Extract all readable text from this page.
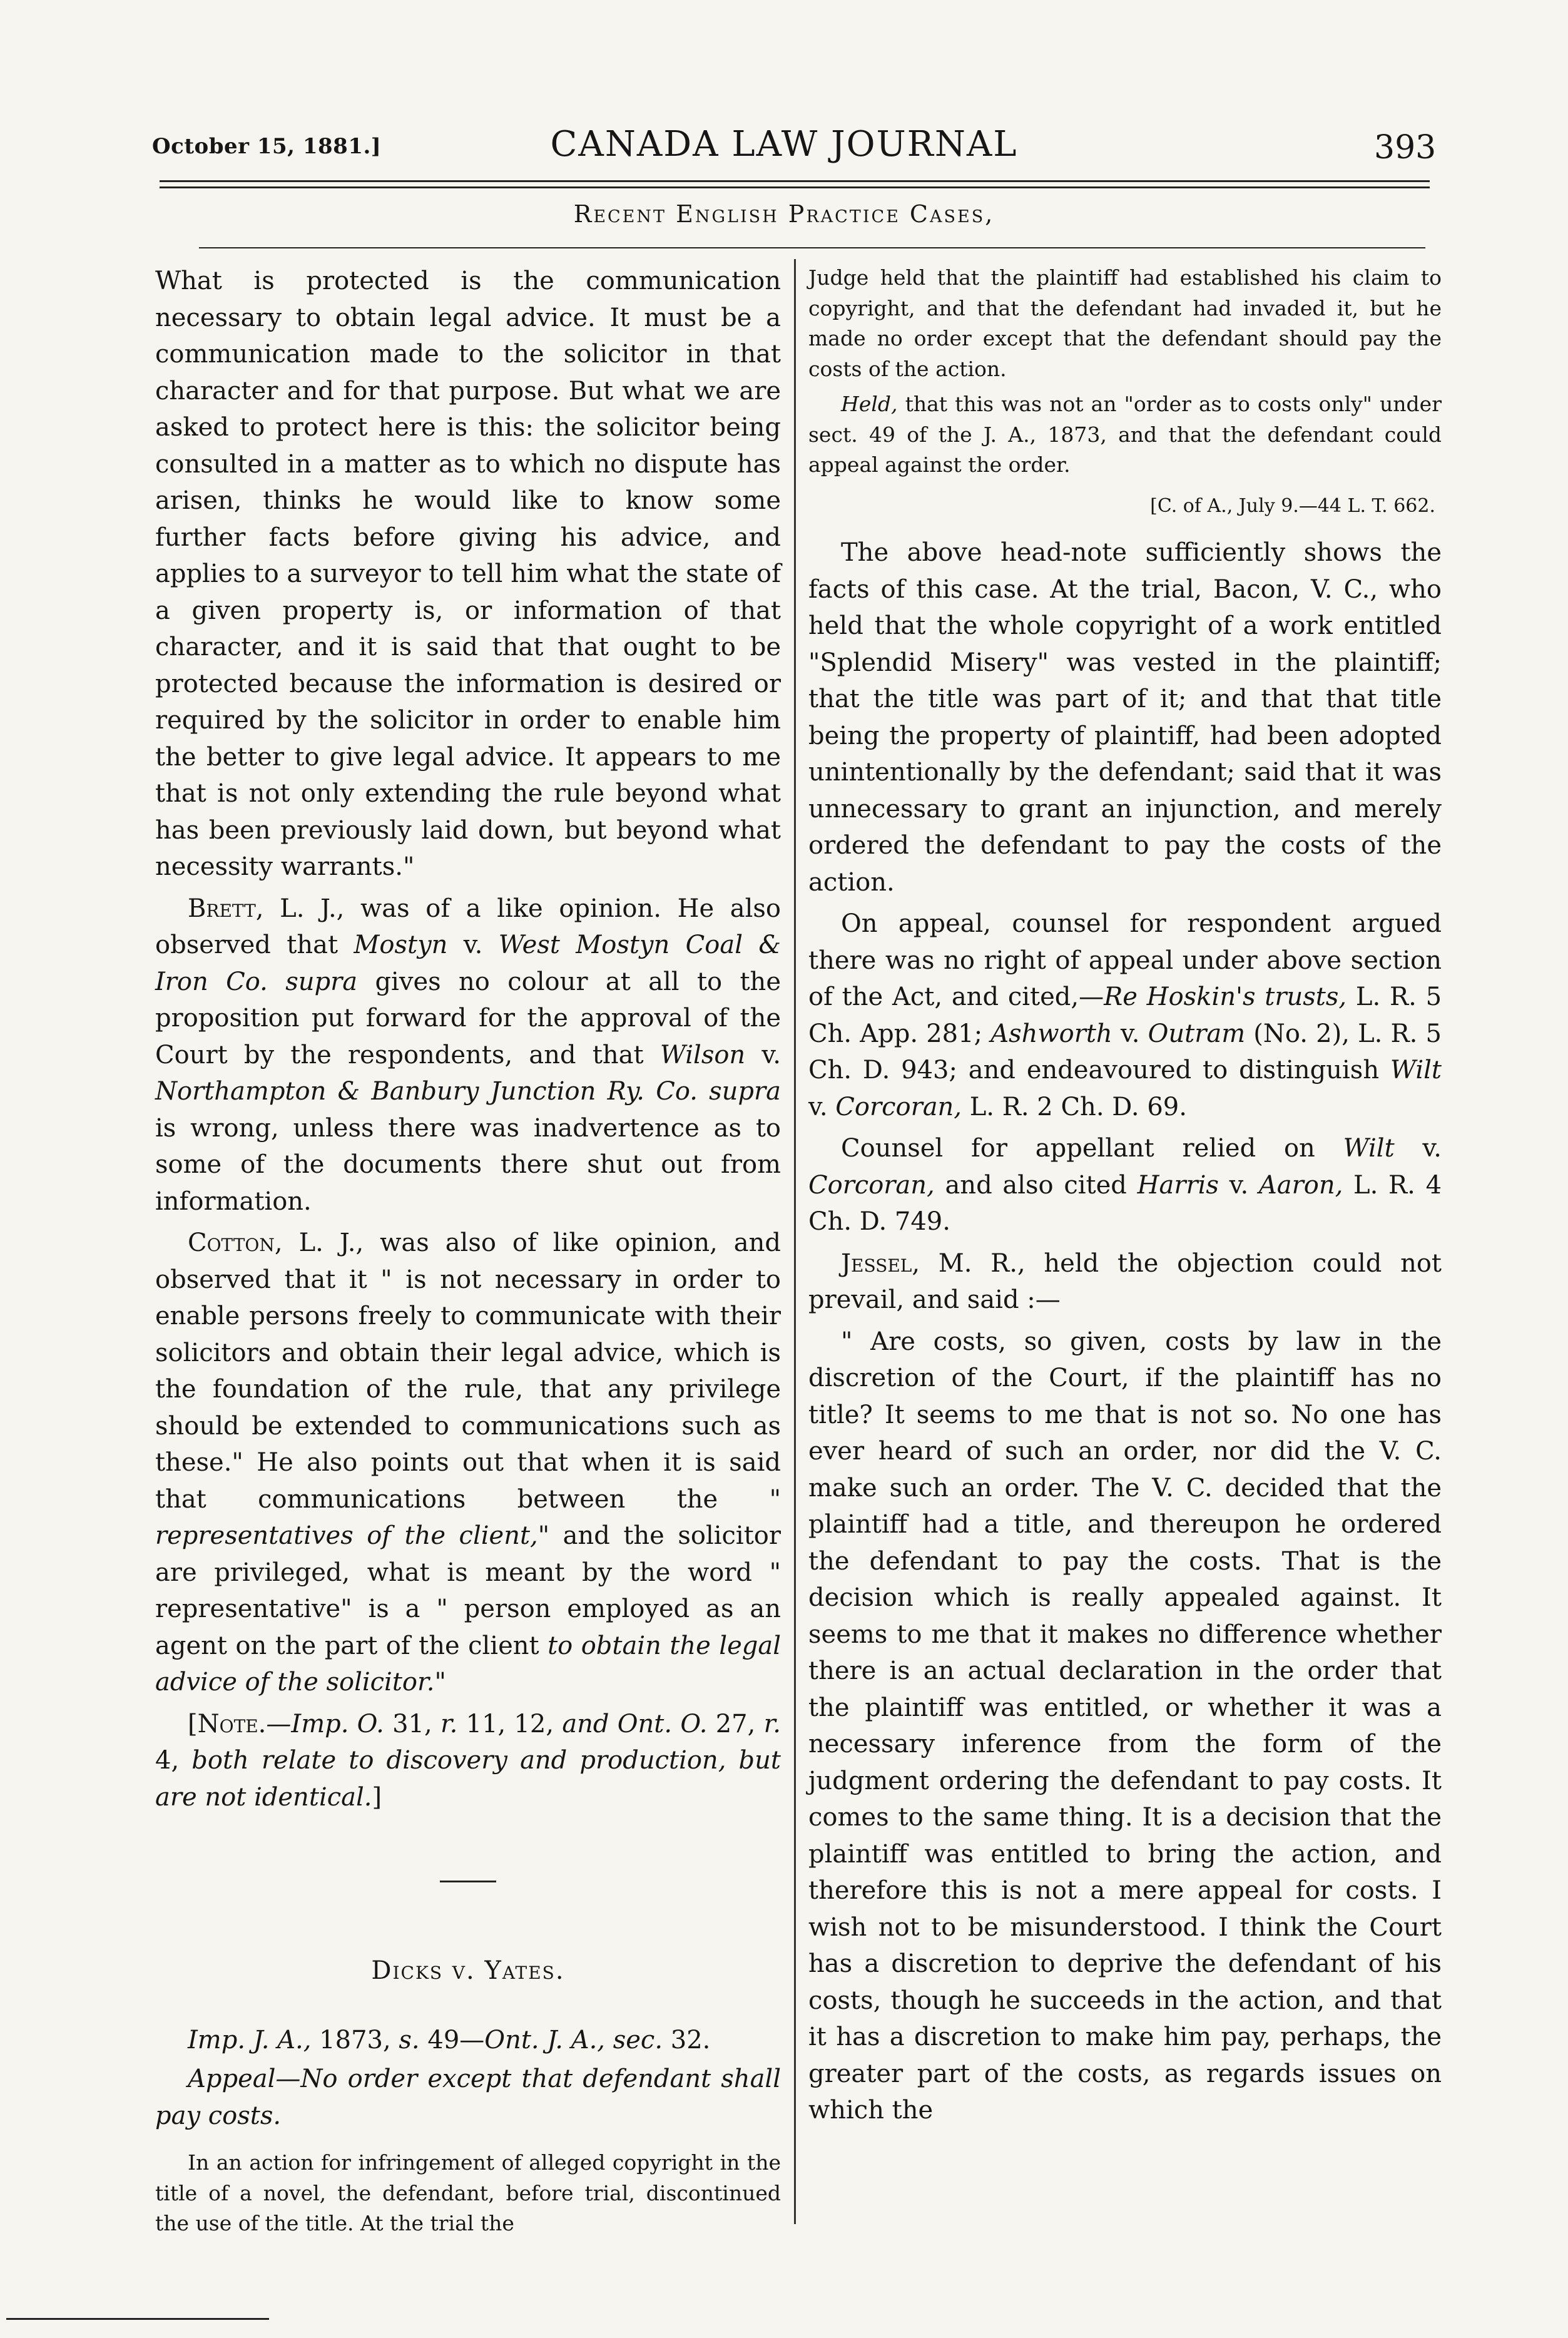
October 15, 1881.]	CANADA LAW JOURNAL	393
Recent English Practice Cases,

What is protected is the communication necessary to obtain legal advice. It must be a communication made to the solicitor in that character and for that purpose. But what we are asked to protect here is this: the solicitor being consulted in a matter as to which no dispute has arisen, thinks he would like to know some further facts before giving his advice, and applies to a surveyor to tell him what the state of a given property is, or information of that character, and it is said that that ought to be protected because the information is desired or required by the solicitor in order to enable him the better to give legal advice. It appears to me that is not only extending the rule beyond what has been previously laid down, but beyond what necessity warrants."

Brett, L. J., was of a like opinion. He also observed that Mostyn v. West Mostyn Coal & Iron Co. supra gives no colour at all to the proposition put forward for the approval of the Court by the respondents, and that Wilson v. Northampton & Banbury Junction Ry. Co. supra is wrong, unless there was inadvertence as to some of the documents there shut out from information.

Cotton, L. J., was also of like opinion, and observed that it " is not necessary in order to enable persons freely to communicate with their solicitors and obtain their legal advice, which is the foundation of the rule, that any privilege should be extended to communications such as these." He also points out that when it is said that communications between the " representatives of the client," and the solicitor are privileged, what is meant by the word " representative" is a " person employed as an agent on the part of the client to obtain the legal advice of the solicitor."

[Note.—Imp. O. 31, r. 11, 12, and Ont. O. 27, r. 4, both relate to discovery and production, but are not identical.]

Dicks v. Yates.

Imp. J. A., 1873, s. 49—Ont. J. A., sec. 32.

Appeal—No order except that defendant shall pay costs.

In an action for infringement of alleged copyright in the title of a novel, the defendant, before trial, discontinued the use of the title. At the trial the

Judge held that the plaintiff had established his claim to copyright, and that the defendant had invaded it, but he made no order except that the defendant should pay the costs of the action.

Held, that this was not an "order as to costs only" under sect. 49 of the J. A., 1873, and that the defendant could appeal against the order.

[C. of A., July 9.—44 L. T. 662.

The above head-note sufficiently shows the facts of this case. At the trial, Bacon, V. C., who held that the whole copyright of a work entitled "Splendid Misery" was vested in the plaintiff; that the title was part of it; and that that title being the property of plaintiff, had been adopted unintentionally by the defendant; said that it was unnecessary to grant an injunction, and merely ordered the defendant to pay the costs of the action.

On appeal, counsel for respondent argued there was no right of appeal under above section of the Act, and cited,—Re Hoskin's trusts, L. R. 5 Ch. App. 281; Ashworth v. Outram (No. 2), L. R. 5 Ch. D. 943; and endeavoured to distinguish Wilt v. Corcoran, L. R. 2 Ch. D. 69.

Counsel for appellant relied on Wilt v. Corcoran, and also cited Harris v. Aaron, L. R. 4 Ch. D. 749.

Jessel, M. R., held the objection could not prevail, and said :—

" Are costs, so given, costs by law in the discretion of the Court, if the plaintiff has no title? It seems to me that is not so. No one has ever heard of such an order, nor did the V. C. make such an order. The V. C. decided that the plaintiff had a title, and thereupon he ordered the defendant to pay the costs. That is the decision which is really appealed against. It seems to me that it makes no difference whether there is an actual declaration in the order that the plaintiff was entitled, or whether it was a necessary inference from the form of the judgment ordering the defendant to pay costs. It comes to the same thing. It is a decision that the plaintiff was entitled to bring the action, and therefore this is not a mere appeal for costs. I wish not to be misunderstood. I think the Court has a discretion to deprive the defendant of his costs, though he succeeds in the action, and that it has a discretion to make him pay, perhaps, the greater part of the costs, as regards issues on which the
